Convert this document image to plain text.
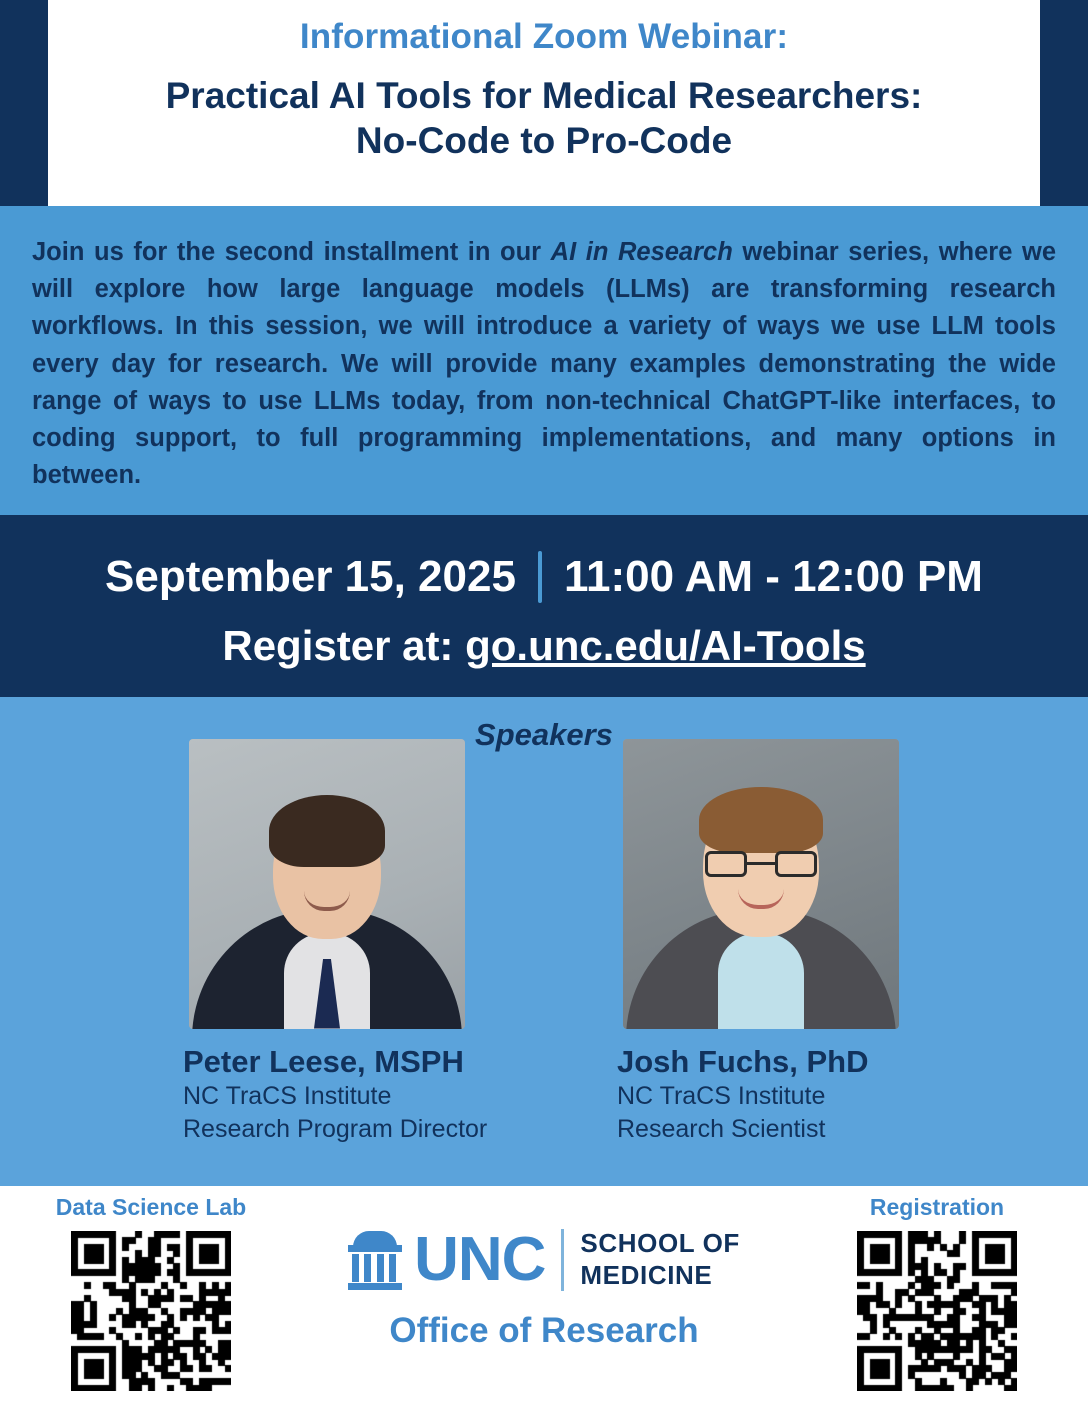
Informational Zoom Webinar:
Practical AI Tools for Medical Researchers:
No-Code to Pro-Code
Join us for the second installment in our AI in Research webinar series, where we will explore how large language models (LLMs) are transforming research workflows. In this session, we will introduce a variety of ways we use LLM tools every day for research. We will provide many examples demonstrating the wide range of ways to use LLMs today, from non-technical ChatGPT-like interfaces, to coding support, to full programming implementations, and many options in between.
September 15, 2025 11:00 AM - 12:00 PM
Register at: go.unc.edu/AI-Tools
Speakers
Peter Leese, MSPH
NC TraCS Institute
Research Program Director
Josh Fuchs, PhD
NC TraCS Institute
Research Scientist
Data Science Lab
UNC SCHOOL OF
MEDICINE
Office of Research
Registration
